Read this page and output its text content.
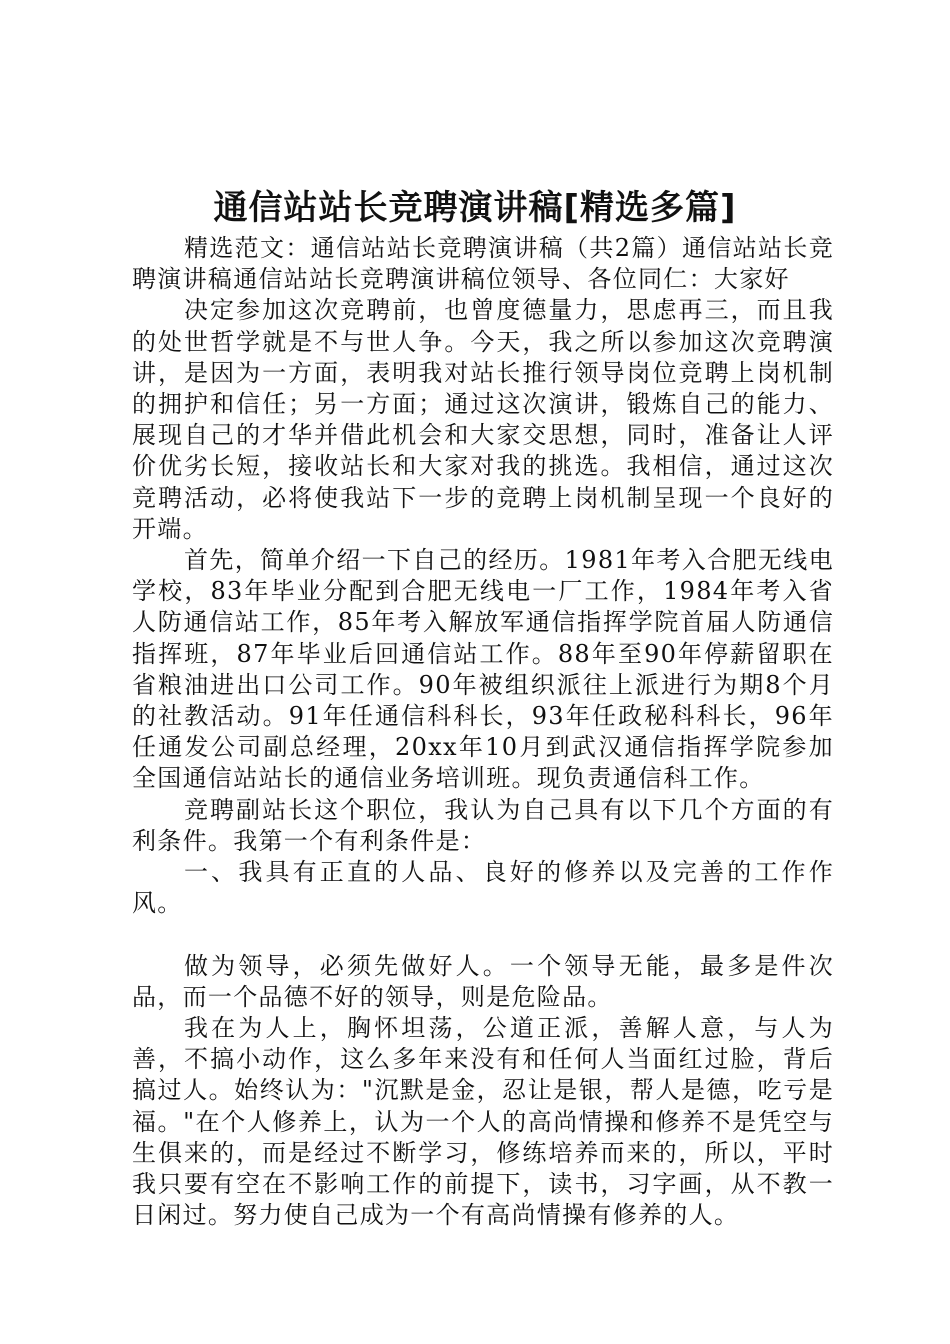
通信站站长竞聘演讲稿[精选多篇]

精选范文：通信站站长竞聘演讲稿（共2篇）通信站站长竞聘演讲稿通信站站长竞聘演讲稿位领导、各位同仁：大家好

决定参加这次竞聘前，也曾度德量力，思虑再三，而且我的处世哲学就是不与世人争。今天，我之所以参加这次竞聘演讲，是因为一方面，表明我对站长推行领导岗位竞聘上岗机制的拥护和信任；另一方面；通过这次演讲，锻炼自己的能力、展现自己的才华并借此机会和大家交思想，同时，准备让人评价优劣长短，接收站长和大家对我的挑选。我相信，通过这次竞聘活动，必将使我站下一步的竞聘上岗机制呈现一个良好的开端。

首先，简单介绍一下自己的经历。1981年考入合肥无线电学校，83年毕业分配到合肥无线电一厂工作，1984年考入省人防通信站工作，85年考入解放军通信指挥学院首届人防通信指挥班，87年毕业后回通信站工作。88年至90年停薪留职在省粮油进出口公司工作。90年被组织派往上派进行为期8个月的社教活动。91年任通信科科长，93年任政秘科科长，96年任通发公司副总经理，20xx年10月到武汉通信指挥学院参加全国通信站站长的通信业务培训班。现负责通信科工作。

竞聘副站长这个职位，我认为自己具有以下几个方面的有利条件。我第一个有利条件是：

一、我具有正直的人品、良好的修养以及完善的工作作风。

做为领导，必须先做好人。一个领导无能，最多是件次品，而一个品德不好的领导，则是危险品。

我在为人上，胸怀坦荡，公道正派，善解人意，与人为善，不搞小动作，这么多年来没有和任何人当面红过脸，背后搞过人。始终认为："沉默是金，忍让是银，帮人是德，吃亏是福。"在个人修养上，认为一个人的高尚情操和修养不是凭空与生俱来的，而是经过不断学习，修练培养而来的，所以，平时我只要有空在不影响工作的前提下，读书，习字画，从不教一日闲过。努力使自己成为一个有高尚情操有修养的人。
